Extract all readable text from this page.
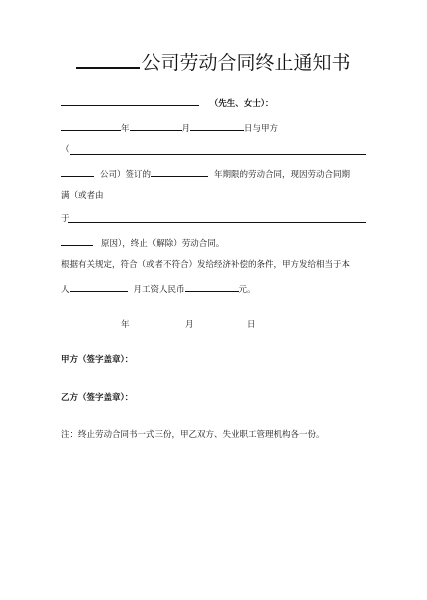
公司劳动合同终止通知书
（先生、女士）：
年	月	日与甲方
（
公司）签订的	年期限的劳动合同，现因劳动合同期
满（或者由
于
原因），终止（解除）劳动合同。
根据有关规定，符合（或者不符合）发给经济补偿的条件，甲方发给相当于本
人	月工资人民币	元。
年	月	日
甲方（签字盖章）：
乙方（签字盖章）：
注：终止劳动合同书一式三份，甲乙双方、失业职工管理机构各一份。
